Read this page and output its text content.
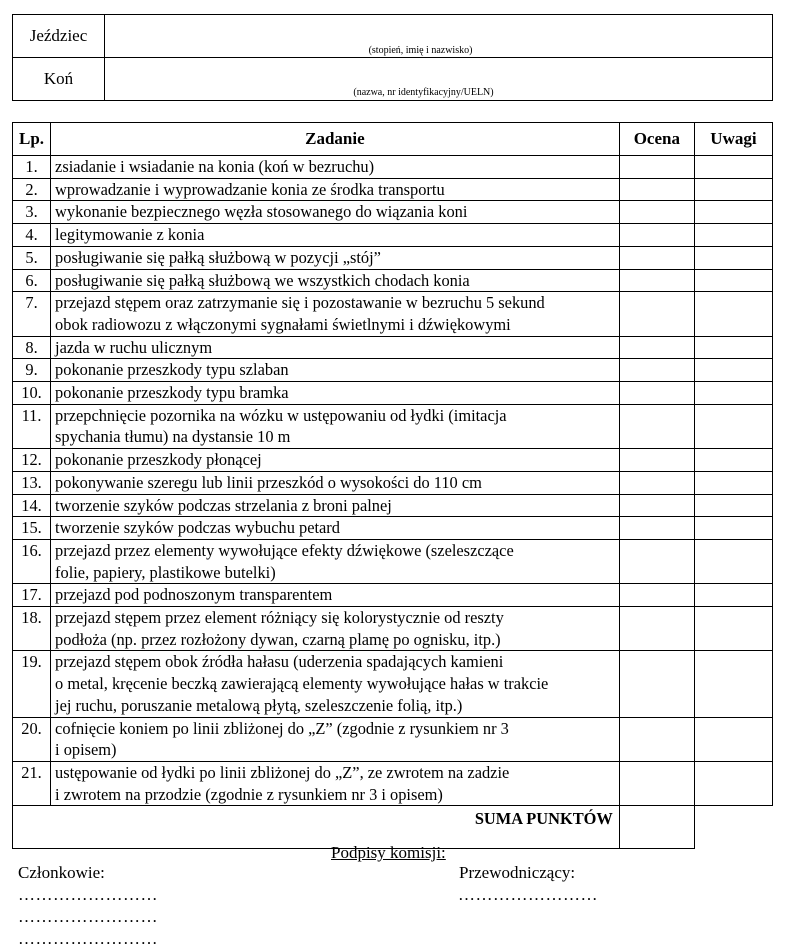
Jeździec	(stopień, imię i nazwisko)

Koń	(nazwa, nr identyfikacyjny/UELN)
Lp.	Zadanie	Ocena	Uwagi
1.	zsiadanie i wsiadanie na konia (koń w bezruchu)		

2.	wprowadzanie i wyprowadzanie konia ze środka transportu		

3.	wykonanie bezpiecznego węzła stosowanego do wiązania koni		

4.	legitymowanie z konia		

5.	posługiwanie się pałką służbową w pozycji „stój”		

6.	posługiwanie się pałką służbową we wszystkich chodach konia		

7.	przejazd stępem oraz zatrzymanie się i pozostawanie w bezruchu 5 sekund
obok radiowozu z włączonymi sygnałami świetlnymi i dźwiękowymi		

8.	jazda w ruchu ulicznym		

9.	pokonanie przeszkody typu szlaban		

10.	pokonanie przeszkody typu bramka		

11.	przepchnięcie pozornika na wózku w ustępowaniu od łydki (imitacja
spychania tłumu) na dystansie 10 m		

12.	pokonanie przeszkody płonącej		

13.	pokonywanie szeregu lub linii przeszkód o wysokości do 110 cm		

14.	tworzenie szyków podczas strzelania z broni palnej		

15.	tworzenie szyków podczas wybuchu petard		

16.	przejazd przez elementy wywołujące efekty dźwiękowe (szeleszczące
folie, papiery, plastikowe butelki)		

17.	przejazd pod podnoszonym transparentem		

18.	przejazd stępem przez element różniący się kolorystycznie od reszty
podłoża (np. przez rozłożony dywan, czarną plamę po ognisku, itp.)		

19.	przejazd stępem obok źródła hałasu (uderzenia spadających kamieni
o metal, kręcenie beczką zawierającą elementy wywołujące hałas w trakcie
jej ruchu, poruszanie metalową płytą, szeleszczenie folią, itp.)		

20.	cofnięcie koniem po linii zbliżonej do „Z” (zgodnie z rysunkiem nr 3
i opisem)		

21.	ustępowanie od łydki po linii zbliżonej do „Z”, ze zwrotem na zadzie
i zwrotem na przodzie (zgodnie z rysunkiem nr 3 i opisem)		

SUMA PUNKTÓW			
Podpisy komisji:
Członkowie:	Przewodniczący:
……………………
……………………
……………………
……………………
